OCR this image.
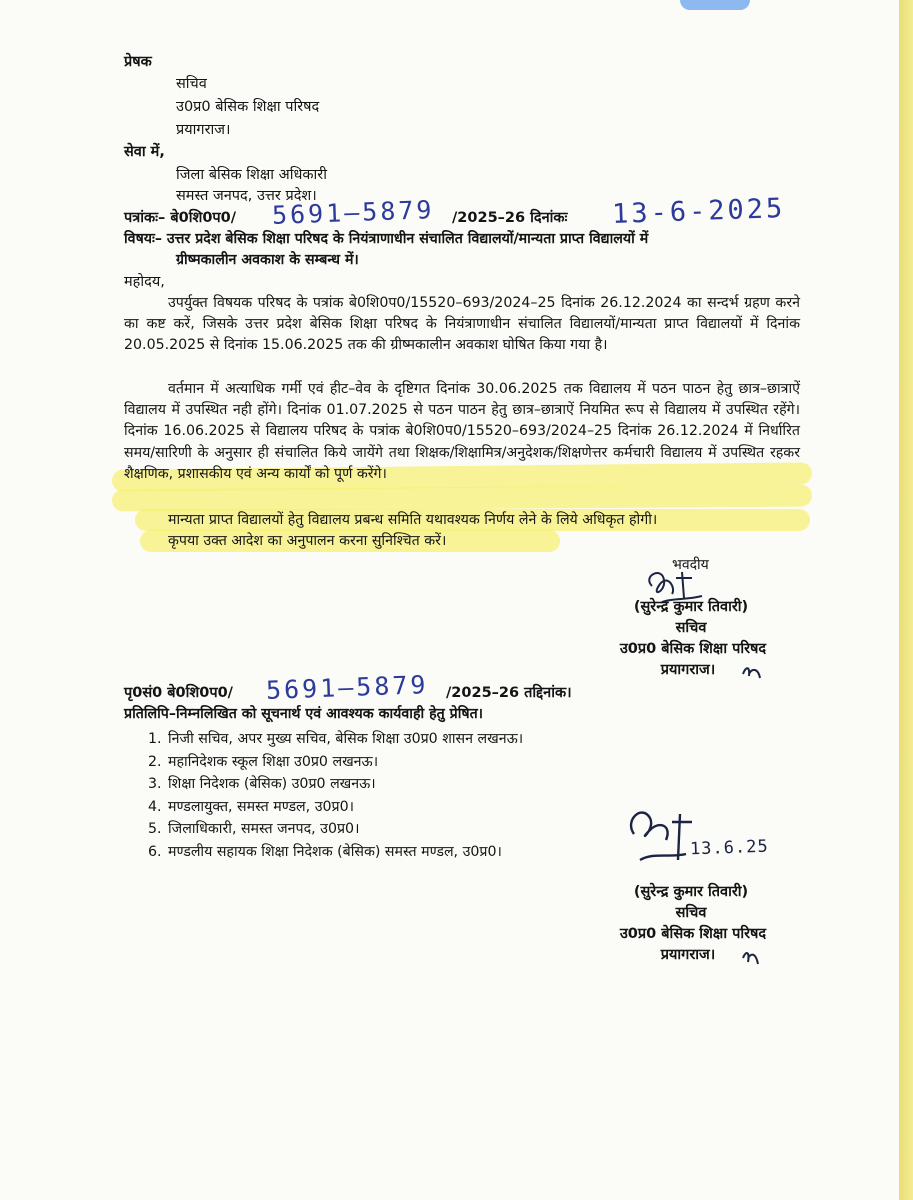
प्रेषक
सचिव
उ0प्र0 बेसिक शिक्षा परिषद
प्रयागराज।
सेवा में,
जिला बेसिक शिक्षा अधिकारी
समस्त जनपद, उत्तर प्रदेश।
पत्रांकः– बे0शि0प0/ 5691–5879 /2025–26 दिनांकः 13-6-2025
विषयः– उत्तर प्रदेश बेसिक शिक्षा परिषद के नियंत्राणाधीन संचालित विद्यालयों/मान्यता प्राप्त विद्यालयों में
ग्रीष्मकालीन अवकाश के सम्बन्ध में।
महोदय,
उपर्युक्त विषयक परिषद के पत्रांक बे0शि0प0/15520–693/2024–25 दिनांक 26.12.2024 का सन्दर्भ ग्रहण करने का कष्ट करें, जिसके उत्तर प्रदेश बेसिक शिक्षा परिषद के नियंत्राणाधीन संचालित विद्यालयों/मान्यता प्राप्त विद्यालयों में दिनांक 20.05.2025 से दिनांक 15.06.2025 तक की ग्रीष्मकालीन अवकाश घोषित किया गया है।
वर्तमान में अत्याधिक गर्मी एवं हीट–वेव के दृष्टिगत दिनांक 30.06.2025 तक विद्यालय में पठन पाठन हेतु छात्र–छात्राऐं विद्यालय में उपस्थित नही होंगे। दिनांक 01.07.2025 से पठन पाठन हेतु छात्र–छात्राऐं नियमित रूप से विद्यालय में उपस्थित रहेंगे। दिनांक 16.06.2025 से विद्यालय परिषद के पत्रांक बे0शि0प0/15520–693/2024–25 दिनांक 26.12.2024 में निर्धारित समय/सारिणी के अनुसार ही संचालित किये जायेंगे तथा शिक्षक/शिक्षामित्र/अनुदेशक/शिक्षणेत्तर कर्मचारी विद्यालय में उपस्थित रहकर शैक्षणिक, प्रशासकीय एवं अन्य कार्यों को पूर्ण करेंगे।
मान्यता प्राप्त विद्यालयों हेतु विद्यालय प्रबन्ध समिति यथावश्यक निर्णय लेने के लिये अधिकृत होगी।
कृपया उक्त आदेश का अनुपालन करना सुनिश्चित करें।
भवदीय
(सुरेन्द्र कुमार तिवारी)
सचिव
उ0प्र0 बेसिक शिक्षा परिषद
प्रयागराज।
पृ0सं0 बे0शि0प0/ 5691–5879 /2025–26 तद्दिनांक।
प्रतिलिपि–निम्नलिखित को सूचनार्थ एवं आवश्यक कार्यवाही हेतु प्रेषित।
1. निजी सचिव, अपर मुख्य सचिव, बेसिक शिक्षा उ0प्र0 शासन लखनऊ।
2. महानिदेशक स्कूल शिक्षा उ0प्र0 लखनऊ।
3. शिक्षा निदेशक (बेसिक) उ0प्र0 लखनऊ।
4. मण्डलायुक्त, समस्त मण्डल, उ0प्र0।
5. जिलाधिकारी, समस्त जनपद, उ0प्र0।
6. मण्डलीय सहायक शिक्षा निदेशक (बेसिक) समस्त मण्डल, उ0प्र0।	13.6.25
(सुरेन्द्र कुमार तिवारी)
सचिव
उ0प्र0 बेसिक शिक्षा परिषद
प्रयागराज।
